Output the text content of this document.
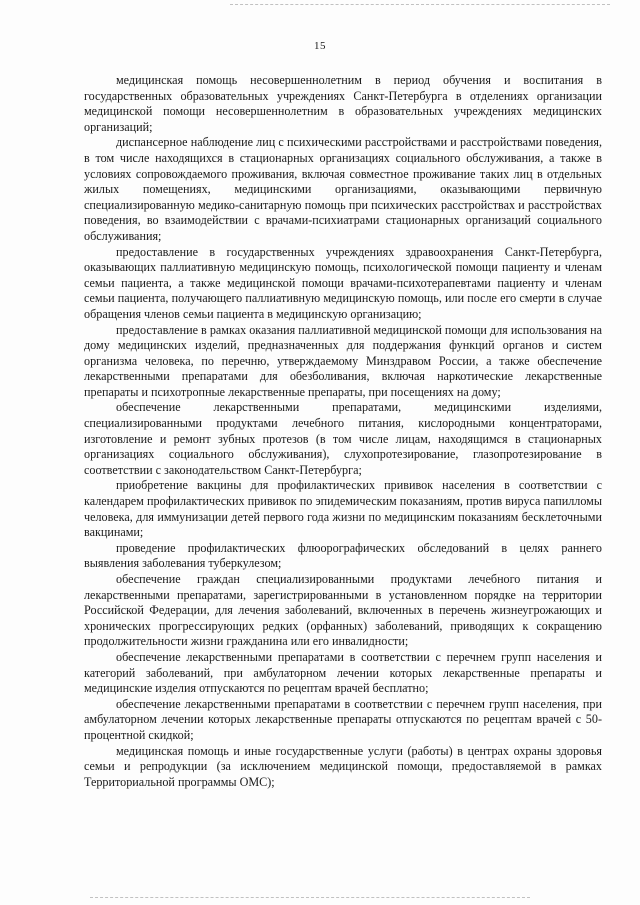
15

медицинская помощь несовершеннолетним в период обучения и воспитания в государственных образовательных учреждениях Санкт-Петербурга в отделениях организации медицинской помощи несовершеннолетним в образовательных учреждениях медицинских организаций;

диспансерное наблюдение лиц с психическими расстройствами и расстройствами поведения, в том числе находящихся в стационарных организациях социального обслуживания, а также в условиях сопровождаемого проживания, включая совместное проживание таких лиц в отдельных жилых помещениях, медицинскими организациями, оказывающими первичную специализированную медико-санитарную помощь при психических расстройствах и расстройствах поведения, во взаимодействии с врачами-психиатрами стационарных организаций социального обслуживания;

предоставление в государственных учреждениях здравоохранения Санкт-Петербурга, оказывающих паллиативную медицинскую помощь, психологической помощи пациенту и членам семьи пациента, а также медицинской помощи врачами-психотерапевтами пациенту и членам семьи пациента, получающего паллиативную медицинскую помощь, или после его смерти в случае обращения членов семьи пациента в медицинскую организацию;

предоставление в рамках оказания паллиативной медицинской помощи для использования на дому медицинских изделий, предназначенных для поддержания функций органов и систем организма человека, по перечню, утверждаемому Минздравом России, а также обеспечение лекарственными препаратами для обезболивания, включая наркотические лекарственные препараты и психотропные лекарственные препараты, при посещениях на дому;

обеспечение лекарственными препаратами, медицинскими изделиями, специализированными продуктами лечебного питания, кислородными концентраторами, изготовление и ремонт зубных протезов (в том числе лицам, находящимся в стационарных организациях социального обслуживания), слухопротезирование, глазопротезирование в соответствии с законодательством Санкт-Петербурга;

приобретение вакцины для профилактических прививок населения в соответствии с календарем профилактических прививок по эпидемическим показаниям, против вируса папилломы человека, для иммунизации детей первого года жизни по медицинским показаниям бесклеточными вакцинами;

проведение профилактических флюорографических обследований в целях раннего выявления заболевания туберкулезом;

обеспечение граждан специализированными продуктами лечебного питания и лекарственными препаратами, зарегистрированными в установленном порядке на территории Российской Федерации, для лечения заболеваний, включенных в перечень жизнеугрожающих и хронических прогрессирующих редких (орфанных) заболеваний, приводящих к сокращению продолжительности жизни гражданина или его инвалидности;

обеспечение лекарственными препаратами в соответствии с перечнем групп населения и категорий заболеваний, при амбулаторном лечении которых лекарственные препараты и медицинские изделия отпускаются по рецептам врачей бесплатно;

обеспечение лекарственными препаратами в соответствии с перечнем групп населения, при амбулаторном лечении которых лекарственные препараты отпускаются по рецептам врачей с 50-процентной скидкой;

медицинская помощь и иные государственные услуги (работы) в центрах охраны здоровья семьи и репродукции (за исключением медицинской помощи, предоставляемой в рамках Территориальной программы ОМС);
